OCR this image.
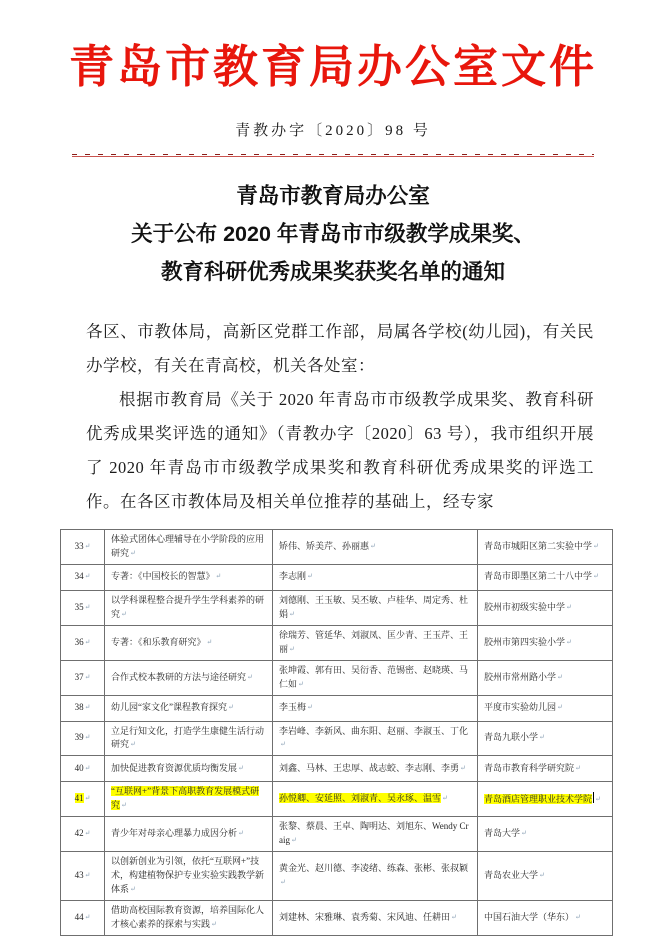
青岛市教育局办公室文件
青教办字〔2020〕98 号
青岛市教育局办公室
关于公布 2020 年青岛市市级教学成果奖、
教育科研优秀成果奖获奖名单的通知

各区、市教体局，高新区党群工作部，局属各学校(幼儿园)，有关民办学校，有关在青高校，机关各处室：

根据市教育局《关于 2020 年青岛市市级教学成果奖、教育科研优秀成果奖评选的通知》（青教办字〔2020〕63 号），我市组织开展了 2020 年青岛市市级教学成果奖和教育科研优秀成果奖的评选工作。在各区市教体局及相关单位推荐的基础上，经专家

33↵	体验式团体心理辅导在小学阶段的应用研究↵	矫伟、矫美芹、孙丽惠↵	青岛市城阳区第二实验中学↵
34↵	专著：《中国校长的智慧》↵	李志刚↵	青岛市即墨区第二十八中学↵
35↵	以学科课程整合提升学生学科素养的研究↵	刘德刚、王玉敏、吴丕敏、卢桂华、周定秀、杜娟↵	胶州市初级实验中学↵
36↵	专著：《和乐教育研究》↵	徐瑞芳、管延华、刘淑凤、匡少青、王玉芹、王丽↵	胶州市第四实验小学↵
37↵	合作式校本教研的方法与途径研究↵	张坤霞、郭有田、吴衍香、范锡密、赵晓瑛、马仁如↵	胶州市常州路小学↵
38↵	幼儿园“家文化”课程教育探究↵	李玉梅↵	平度市实验幼儿园↵
39↵	立足行知文化，打造学生康健生活行动研究↵	李岩峰、李新风、曲东阳、赵丽、李淑玉、丁化↵	青岛九联小学↵
40↵	加快促进教育资源优质均衡发展↵	刘鑫、马林、王忠厚、战志蛟、李志刚、李勇↵	青岛市教育科学研究院↵
41↵	“互联网+”背景下高职教育发展模式研究↵	孙悦卿、安延照、刘淑青、吴永琢、温雪↵	青岛酒店管理职业技术学院 ↵
42↵	青少年对母亲心理暴力成因分析↵	张黎、蔡晨、王卓、陶明达、刘旭东、Wendy Craig↵	青岛大学↵
43↵	以创新创业为引领，依托“互联网+”技术，构建植物保护专业实验实践教学新体系↵	黄金光、赵川德、李凌绪、练森、张彬、张叔颖↵	青岛农业大学↵
44↵	借助高校国际教育资源，培养国际化人才核心素养的探索与实践↵	刘建林、宋雅琳、袁秀菊、宋风迪、任耕田↵	中国石油大学（华东）↵
